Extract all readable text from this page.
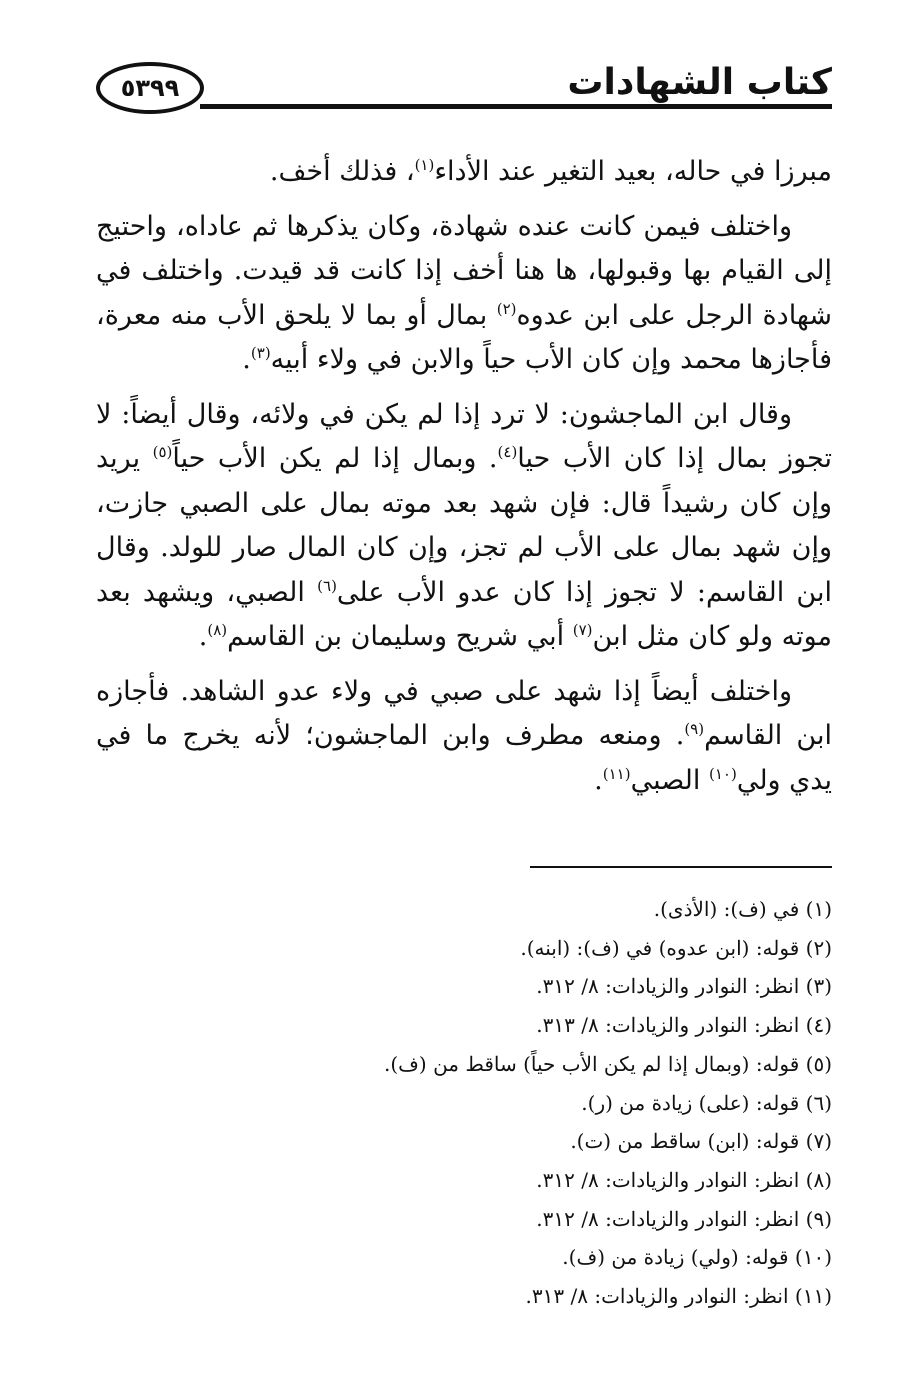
كتاب الشهادات
٥٣٩٩

مبرزا في حاله، بعيد التغير عند الأداء$^{(١)}$، فذلك أخف.

واختلف فيمن كانت عنده شهادة، وكان يذكرها ثم عاداه، واحتيج إلى القيام بها وقبولها، ها هنا أخف إذا كانت قد قيدت. واختلف في شهادة الرجل على ابن عدوه$^{(٢)}$ بمال أو بما لا يلحق الأب منه معرة، فأجازها محمد وإن كان الأب حياً والابن في ولاء أبيه$^{(٣)}$.

وقال ابن الماجشون: لا ترد إذا لم يكن في ولائه، وقال أيضاً: لا تجوز بمال إذا كان الأب حيا$^{(٤)}$. وبمال إذا لم يكن الأب حياً$^{(٥)}$ يريد وإن كان رشيداً قال: فإن شهد بعد موته بمال على الصبي جازت، وإن شهد بمال على الأب لم تجز، وإن كان المال صار للولد. وقال ابن القاسم: لا تجوز إذا كان عدو الأب على$^{(٦)}$ الصبي، ويشهد بعد موته ولو كان مثل ابن$^{(٧)}$ أبي شريح وسليمان بن القاسم$^{(٨)}$.

واختلف أيضاً إذا شهد على صبي في ولاء عدو الشاهد. فأجازه ابن القاسم$^{(٩)}$. ومنعه مطرف وابن الماجشون؛ لأنه يخرج ما في يدي ولي$^{(١٠)}$ الصبي$^{(١١)}$.

(١) في (ف): (الأذى).
(٢) قوله: (ابن عدوه) في (ف): (ابنه).
(٣) انظر: النوادر والزيادات: ٨/ ٣١٢.
(٤) انظر: النوادر والزيادات: ٨/ ٣١٣.
(٥) قوله: (وبمال إذا لم يكن الأب حياً) ساقط من (ف).
(٦) قوله: (على) زيادة من (ر).
(٧) قوله: (ابن) ساقط من (ت).
(٨) انظر: النوادر والزيادات: ٨/ ٣١٢.
(٩) انظر: النوادر والزيادات: ٨/ ٣١٢.
(١٠) قوله: (ولي) زيادة من (ف).
(١١) انظر: النوادر والزيادات: ٨/ ٣١٣.
